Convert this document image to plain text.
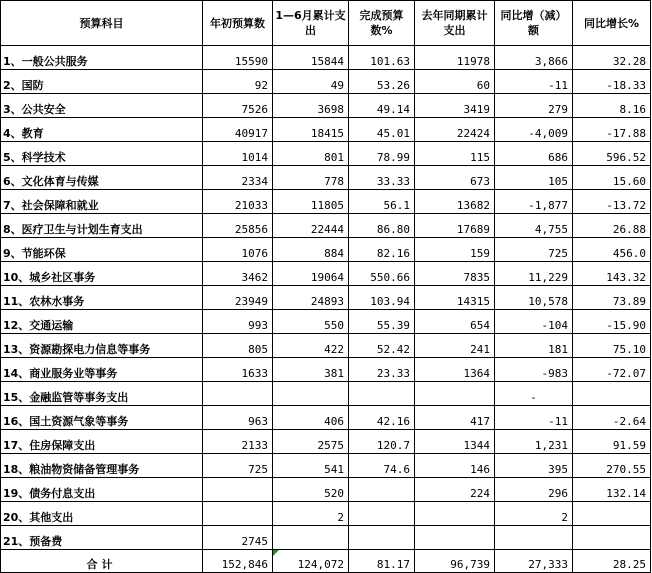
预算科目	年初预算数	1—6月累计支出	完成预算数%	去年同期累计支出	同比增（减）额	同比增长%
1、一般公共服务	15590	15844	101.63	11978	3,866	32.28
2、国防	92	49	53.26	60	-11	-18.33
3、公共安全	7526	3698	49.14	3419	279	8.16
4、教育	40917	18415	45.01	22424	-4,009	-17.88
5、科学技术	1014	801	78.99	115	686	596.52
6、文化体育与传媒	2334	778	33.33	673	105	15.60
7、社会保障和就业	21033	11805	56.1	13682	-1,877	-13.72
8、医疗卫生与计划生育支出	25856	22444	86.80	17689	4,755	26.88
9、节能环保	1076	884	82.16	159	725	456.0
10、城乡社区事务	3462	19064	550.66	7835	11,229	143.32
11、农林水事务	23949	24893	103.94	14315	10,578	73.89
12、交通运输	993	550	55.39	654	-104	-15.90
13、资源勘探电力信息等事务	805	422	52.42	241	181	75.10
14、商业服务业等事务	1633	381	23.33	1364	-983	-72.07
15、金融监管等事务支出					-	
16、国土资源气象等事务	963	406	42.16	417	-11	-2.64
17、住房保障支出	2133	2575	120.7	1344	1,231	91.59
18、粮油物资储备管理事务	725	541	74.6	146	395	270.55
19、债务付息支出		520		224	296	132.14
20、其他支出		2			2	
21、预备费	2745					
合计	152,846	124,072	81.17	96,739	27,333	28.25
